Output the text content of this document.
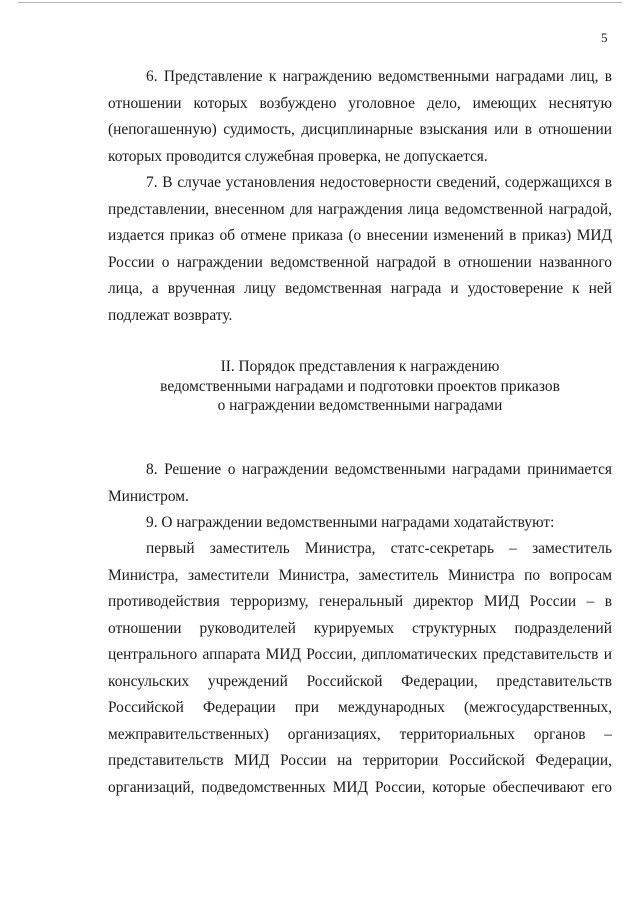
5
6. Представление к награждению ведомственными наградами лиц, в
отношении которых возбуждено уголовное дело, имеющих неснятую
(непогашенную) судимость, дисциплинарные взыскания или в отношении
которых проводится служебная проверка, не допускается.
7. В случае установления недостоверности сведений, содержащихся в
представлении, внесенном для награждения лица ведомственной наградой,
издается приказ об отмене приказа (о внесении изменений в приказ) МИД
России о награждении ведомственной наградой в отношении названного
лица, а врученная лицу ведомственная награда и удостоверение к ней
подлежат возврату.
II. Порядок представления к награждению
ведомственными наградами и подготовки проектов приказов
о награждении ведомственными наградами
8. Решение о награждении ведомственными наградами принимается
Министром.
9. О награждении ведомственными наградами ходатайствуют:
первый заместитель Министра, статс-секретарь – заместитель
Министра, заместители Министра, заместитель Министра по вопросам
противодействия терроризму, генеральный директор МИД России – в
отношении руководителей курируемых структурных подразделений
центрального аппарата МИД России, дипломатических представительств и
консульских учреждений Российской Федерации, представительств
Российской Федерации при международных (межгосударственных,
межправительственных) организациях, территориальных органов –
представительств МИД России на территории Российской Федерации,
организаций, подведомственных МИД России, которые обеспечивают его
